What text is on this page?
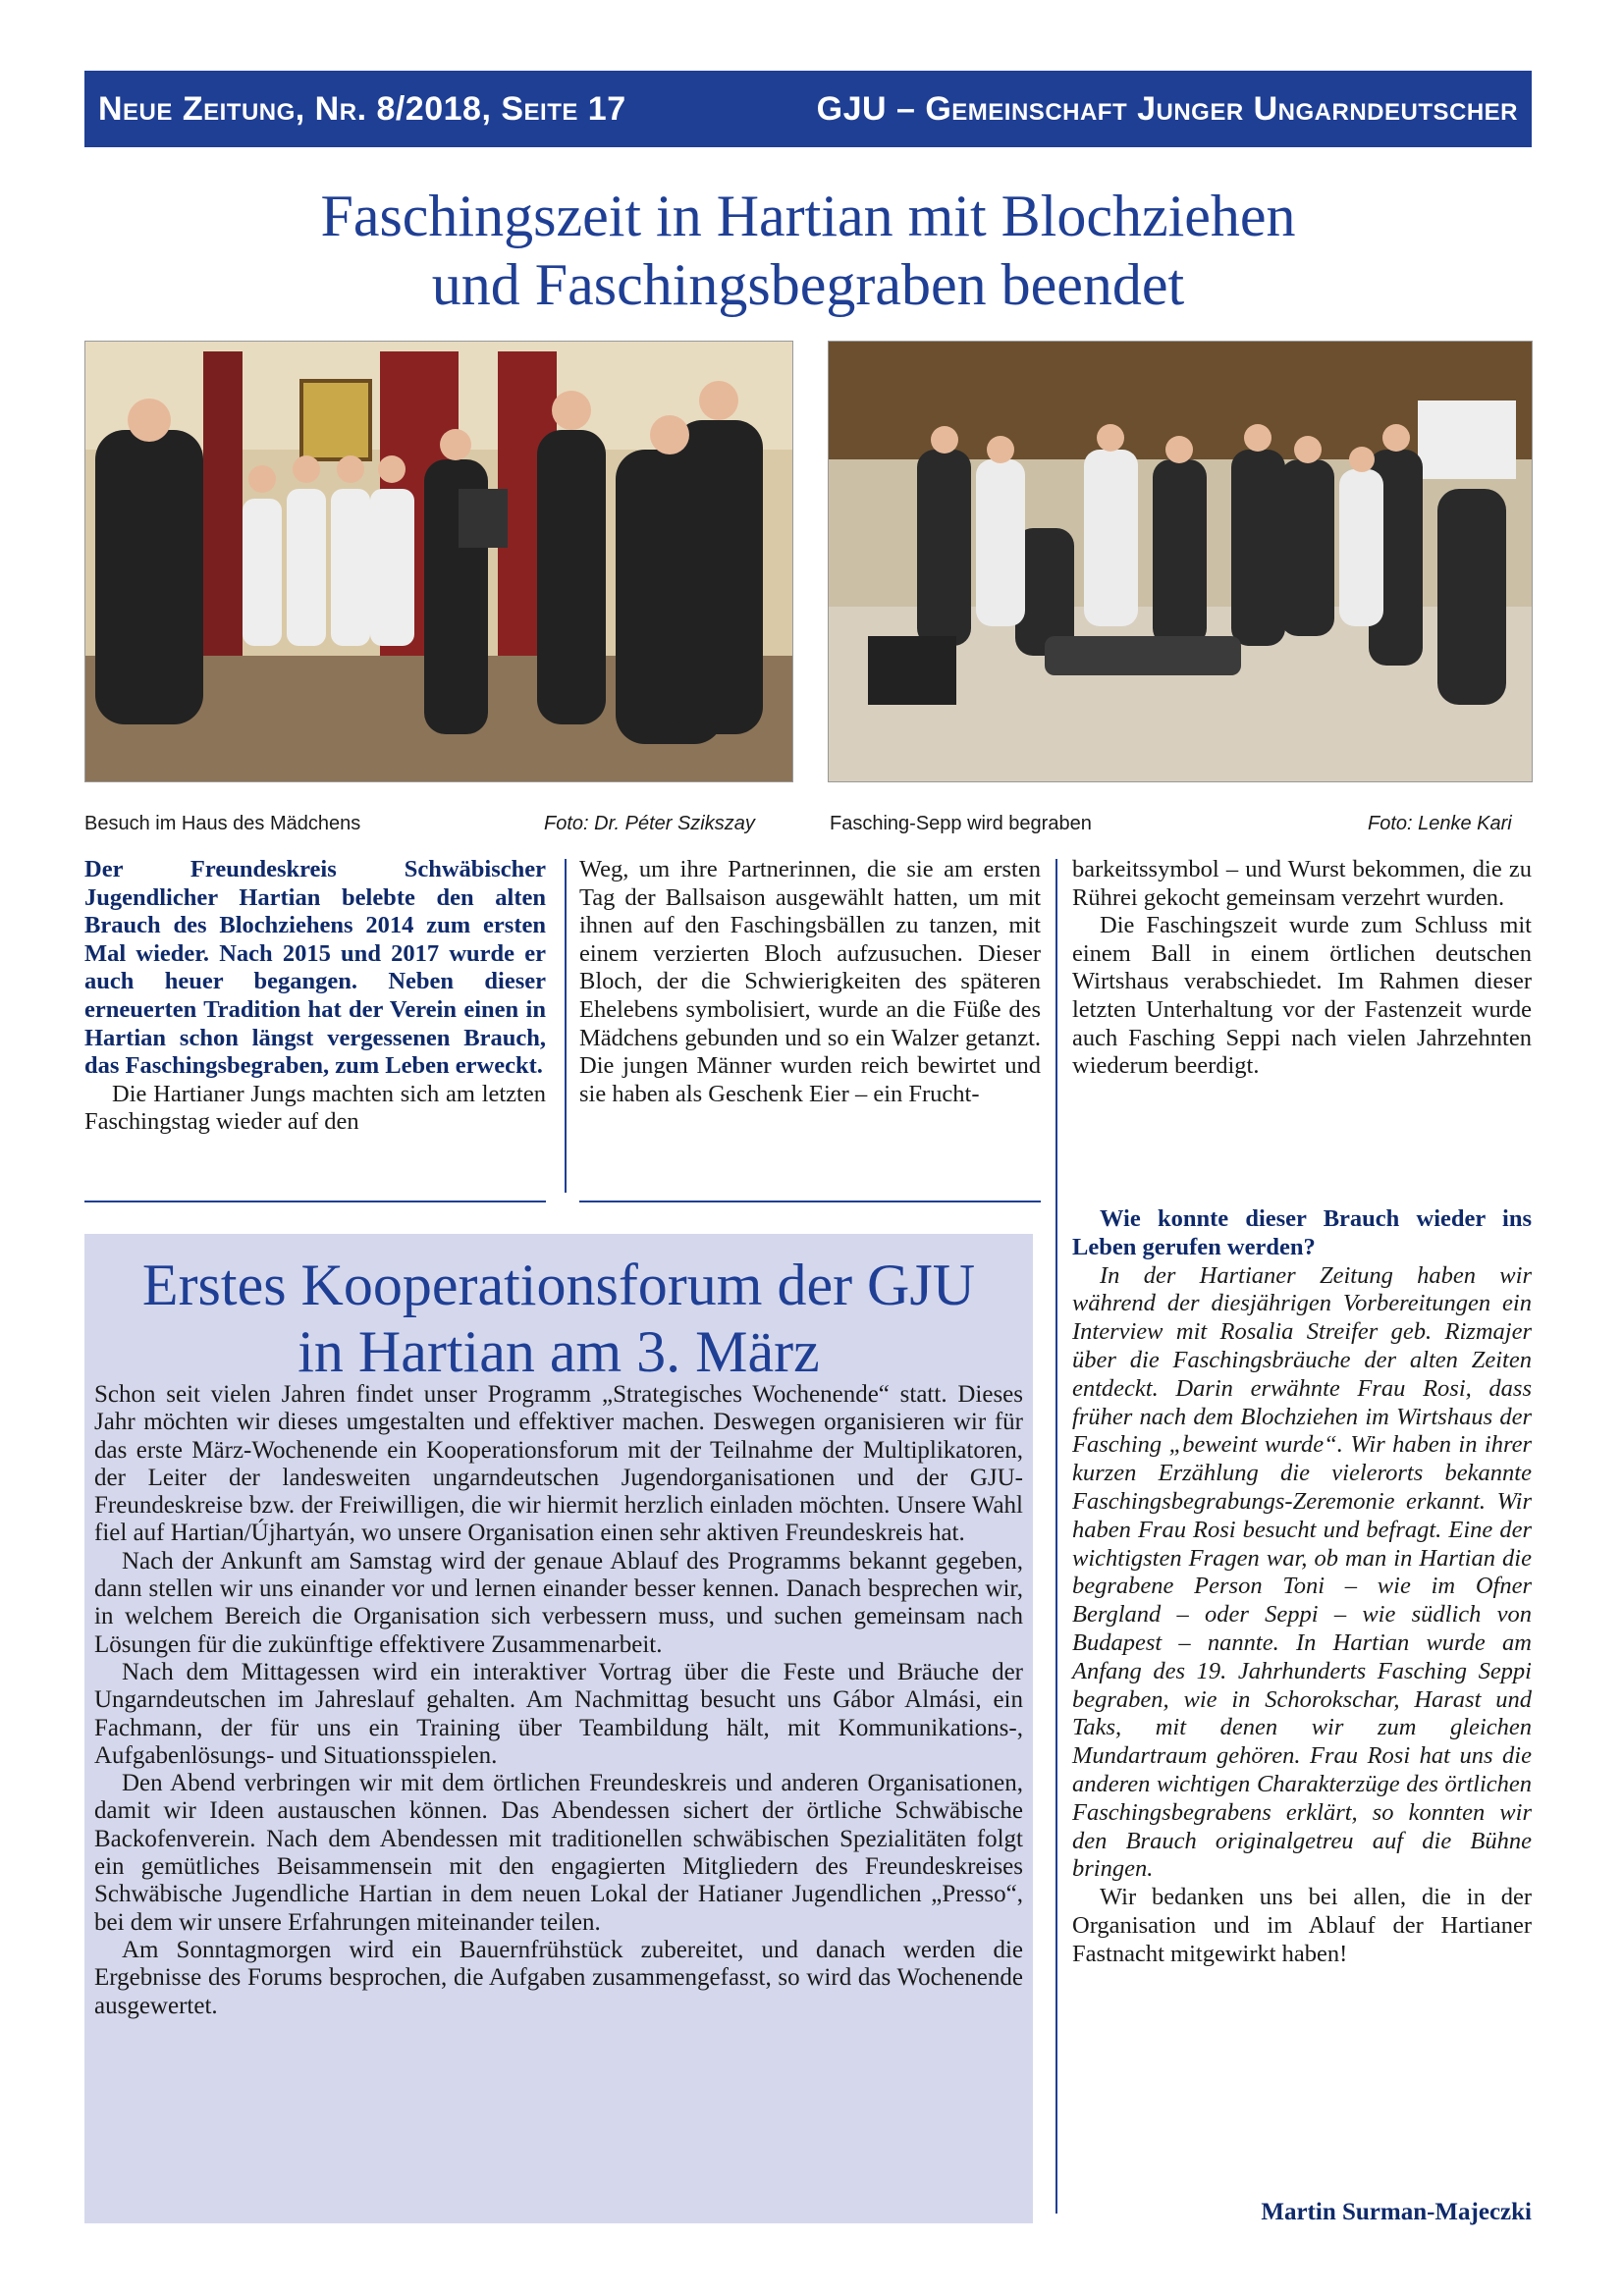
Neue Zeitung, Nr. 8/2018, Seite 17	GJU – Gemeinschaft Junger Ungarndeutscher
Faschingszeit in Hartian mit Blochziehen
und Faschingsbegraben beendet
Besuch im Haus des Mädchens	Foto: Dr. Péter Szikszay	Fasching-Sepp wird begraben	Foto: Lenke Kari

Der Freundeskreis Schwäbischer Jugendlicher Hartian belebte den alten Brauch des Blochziehens 2014 zum ersten Mal wieder. Nach 2015 und 2017 wurde er auch heuer begangen. Neben dieser erneuerten Tradition hat der Verein einen in Hartian schon längst vergessenen Brauch, das Faschingsbegraben, zum Leben erweckt.

Die Hartianer Jungs machten sich am letzten Faschingstag wieder auf den

Weg, um ihre Partnerinnen, die sie am ersten Tag der Ballsaison ausgewählt hatten, um mit ihnen auf den Faschingsbällen zu tanzen, mit einem verzierten Bloch aufzusuchen. Dieser Bloch, der die Schwierigkeiten des späteren Ehelebens symbolisiert, wurde an die Füße des Mädchens gebunden und so ein Walzer getanzt. Die jungen Männer wurden reich bewirtet und sie haben als Geschenk Eier – ein Frucht-

barkeitssymbol – und Wurst bekommen, die zu Rührei gekocht gemeinsam verzehrt wurden.

Die Faschingszeit wurde zum Schluss mit einem Ball in einem örtlichen deutschen Wirtshaus verabschiedet. Im Rahmen dieser letzten Unterhaltung vor der Fastenzeit wurde auch Fasching Seppi nach vielen Jahrzehnten wiederum beerdigt.

Wie konnte dieser Brauch wieder ins Leben gerufen werden?

In der Hartianer Zeitung haben wir während der diesjährigen Vorbereitungen ein Interview mit Rosalia Streifer geb. Rizmajer über die Faschingsbräuche der alten Zeiten entdeckt. Darin erwähnte Frau Rosi, dass früher nach dem Blochziehen im Wirtshaus der Fasching „beweint wurde“. Wir haben in ihrer kurzen Erzählung die vielerorts bekannte Faschingsbegrabungs-Zeremonie erkannt. Wir haben Frau Rosi besucht und befragt. Eine der wichtigsten Fragen war, ob man in Hartian die begrabene Person Toni – wie im Ofner Bergland – oder Seppi – wie südlich von Budapest – nannte. In Hartian wurde am Anfang des 19. Jahrhunderts Fasching Seppi begraben, wie in Schorokschar, Harast und Taks, mit denen wir zum gleichen Mundartraum gehören. Frau Rosi hat uns die anderen wichtigen Charakterzüge des örtlichen Faschingsbegrabens erklärt, so konnten wir den Brauch originalgetreu auf die Bühne bringen.

Wir bedanken uns bei allen, die in der Organisation und im Ablauf der Hartianer Fastnacht mitgewirkt haben!

Martin Surman-Majeczki
Erstes Kooperationsforum der GJU
in Hartian am 3. März

Schon seit vielen Jahren findet unser Programm „Strategisches Wochenende“ statt. Dieses Jahr möchten wir dieses umgestalten und effektiver machen. Deswegen organisieren wir für das erste März-Wochenende ein Kooperationsforum mit der Teilnahme der Multiplikatoren, der Leiter der landesweiten ungarndeutschen Jugendorganisationen und der GJU-Freundeskreise bzw. der Freiwilligen, die wir hiermit herzlich einladen möchten. Unsere Wahl fiel auf Hartian/Újhartyán, wo unsere Organisation einen sehr aktiven Freundeskreis hat.

Nach der Ankunft am Samstag wird der genaue Ablauf des Programms bekannt gegeben, dann stellen wir uns einander vor und lernen einander besser kennen. Danach besprechen wir, in welchem Bereich die Organisation sich verbessern muss, und suchen gemeinsam nach Lösungen für die zukünftige effektivere Zusammenarbeit.

Nach dem Mittagessen wird ein interaktiver Vortrag über die Feste und Bräuche der Ungarndeutschen im Jahreslauf gehalten. Am Nachmittag besucht uns Gábor Almási, ein Fachmann, der für uns ein Training über Teambildung hält, mit Kommunikations-, Aufgabenlösungs- und Situationsspielen.

Den Abend verbringen wir mit dem örtlichen Freundeskreis und anderen Organisationen, damit wir Ideen austauschen können. Das Abendessen sichert der örtliche Schwäbische Backofenverein. Nach dem Abendessen mit traditionellen schwäbischen Spezialitäten folgt ein gemütliches Beisammensein mit den engagierten Mitgliedern des Freundeskreises Schwäbische Jugendliche Hartian in dem neuen Lokal der Hatianer Jugendlichen „Presso“, bei dem wir unsere Erfahrungen miteinander teilen.

Am Sonntagmorgen wird ein Bauernfrühstück zubereitet, und danach werden die Ergebnisse des Forums besprochen, die Aufgaben zusammengefasst, so wird das Wochenende ausgewertet.
